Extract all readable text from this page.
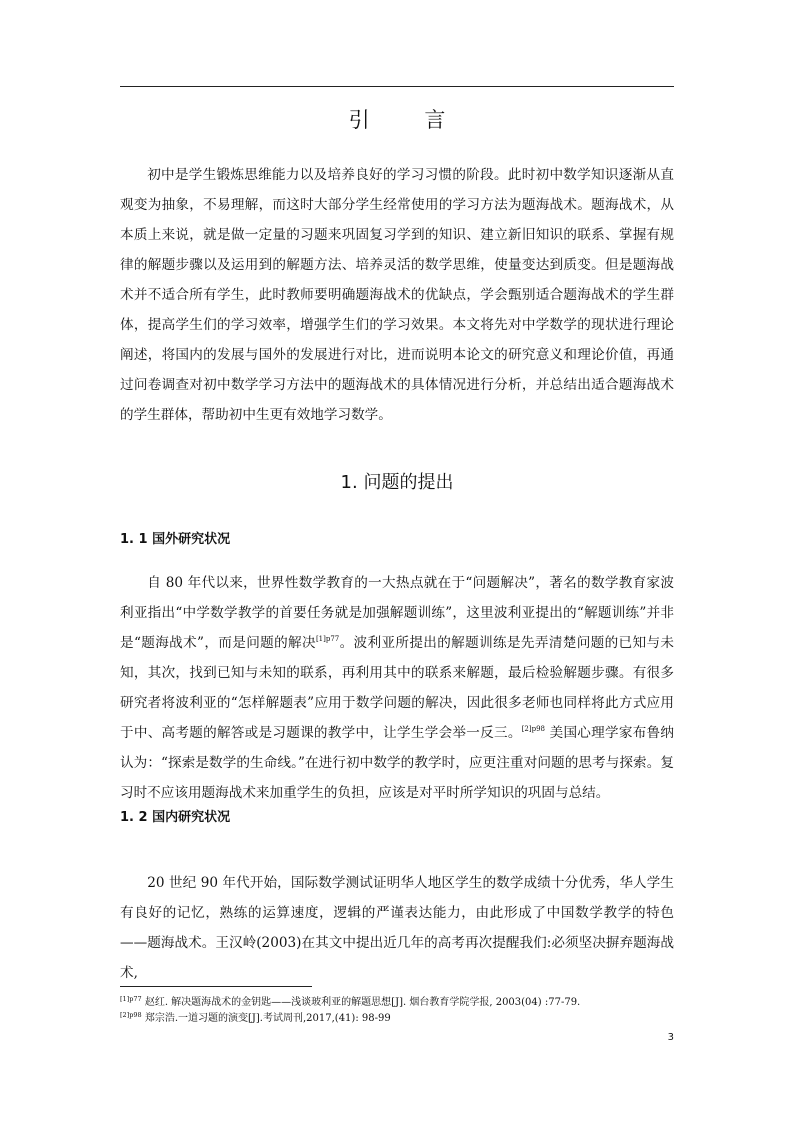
引 言

初中是学生锻炼思维能力以及培养良好的学习习惯的阶段。此时初中数学知识逐渐从直观变为抽象，不易理解，而这时大部分学生经常使用的学习方法为题海战术。题海战术，从本质上来说，就是做一定量的习题来巩固复习学到的知识、建立新旧知识的联系、掌握有规律的解题步骤以及运用到的解题方法、培养灵活的数学思维，使量变达到质变。但是题海战术并不适合所有学生，此时教师要明确题海战术的优缺点，学会甄别适合题海战术的学生群体，提高学生们的学习效率，增强学生们的学习效果。本文将先对中学数学的现状进行理论阐述，将国内的发展与国外的发展进行对比，进而说明本论文的研究意义和理论价值，再通过问卷调查对初中数学学习方法中的题海战术的具体情况进行分析，并总结出适合题海战术的学生群体，帮助初中生更有效地学习数学。

1. 问题的提出
1. 1 国外研究状况

自 80 年代以来，世界性数学教育的一大热点就在于“问题解决”，著名的数学教育家波利亚指出“中学数学教学的首要任务就是加强解题训练”，这里波利亚提出的“解题训练”并非是“题海战术”，而是问题的解决$^{[1]p77}$。波利亚所提出的解题训练是先弄清楚问题的已知与未知，其次，找到已知与未知的联系，再利用其中的联系来解题，最后检验解题步骤。有很多研究者将波利亚的“怎样解题表”应用于数学问题的解决，因此很多老师也同样将此方式应用于中、高考题的解答或是习题课的教学中，让学生学会举一反三。$^{[2]p98}$ 美国心理学家布鲁纳认为：“探索是数学的生命线。”在进行初中数学的教学时，应更注重对问题的思考与探索。复习时不应该用题海战术来加重学生的负担，应该是对平时所学知识的巩固与总结。

1. 2 国内研究状况

20 世纪 90 年代开始，国际数学测试证明华人地区学生的数学成绩十分优秀，华人学生有良好的记忆，熟练的运算速度，逻辑的严谨表达能力，由此形成了中国数学教学的特色——题海战术。王汉岭(2003)在其文中提出近几年的高考再次提醒我们:必须坚决摒弃题海战术,

$^{[1]p77}$ 赵红. 解决题海战术的金钥匙——浅谈玻利亚的解题思想[J]. 烟台教育学院学报, 2003(04) :77-79.

$^{[2]p98}$ 郑宗浩.一道习题的演变[J].考试周刊,2017,(41): 98-99

3
